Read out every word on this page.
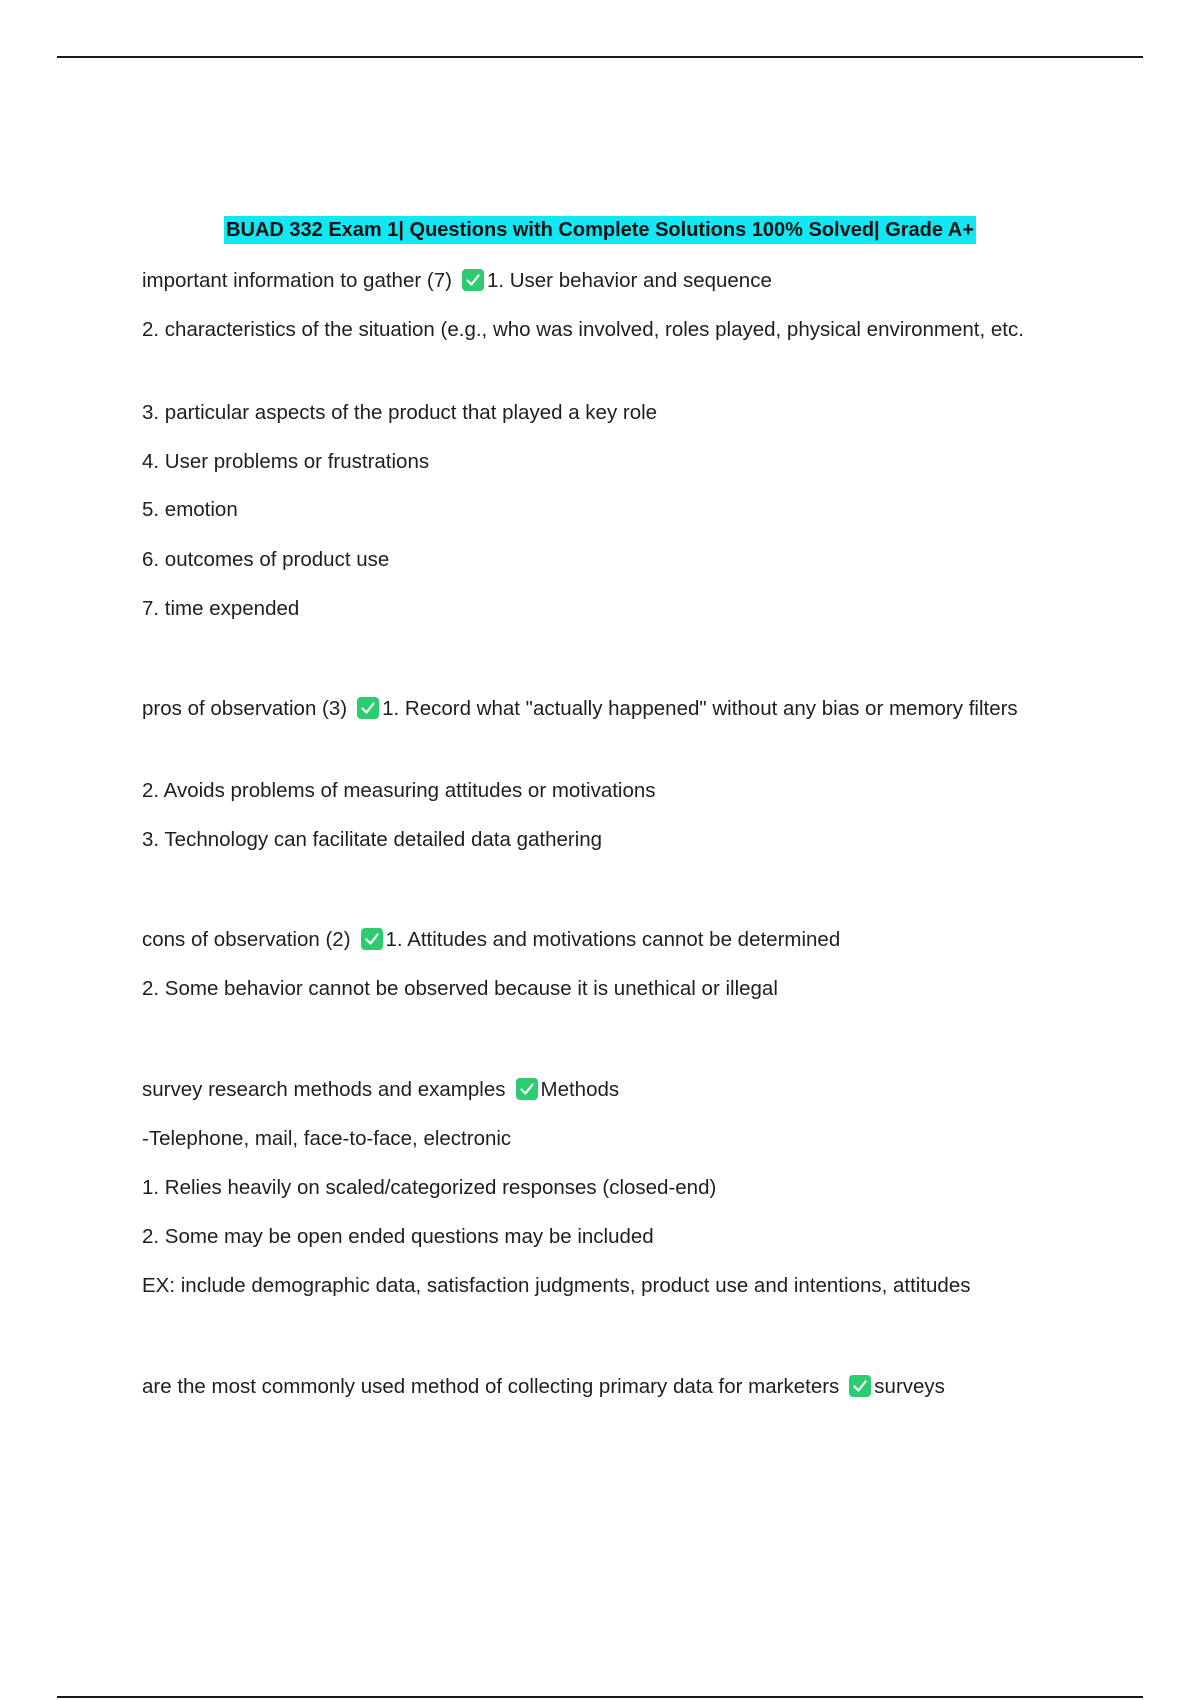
BUAD 332 Exam 1| Questions with Complete Solutions 100% Solved| Grade A+
important information to gather (7) 1. User behavior and sequence
2. characteristics of the situation (e.g., who was involved, roles played, physical environment, etc.
3. particular aspects of the product that played a key role
4. User problems or frustrations
5. emotion
6. outcomes of product use
7. time expended
pros of observation (3) 1. Record what "actually happened" without any bias or memory filters
2. Avoids problems of measuring attitudes or motivations
3. Technology can facilitate detailed data gathering
cons of observation (2) 1. Attitudes and motivations cannot be determined
2. Some behavior cannot be observed because it is unethical or illegal
survey research methods and examples Methods
-Telephone, mail, face-to-face, electronic
1. Relies heavily on scaled/categorized responses (closed-end)
2. Some may be open ended questions may be included
EX: include demographic data, satisfaction judgments, product use and intentions, attitudes
are the most commonly used method of collecting primary data for marketers surveys
